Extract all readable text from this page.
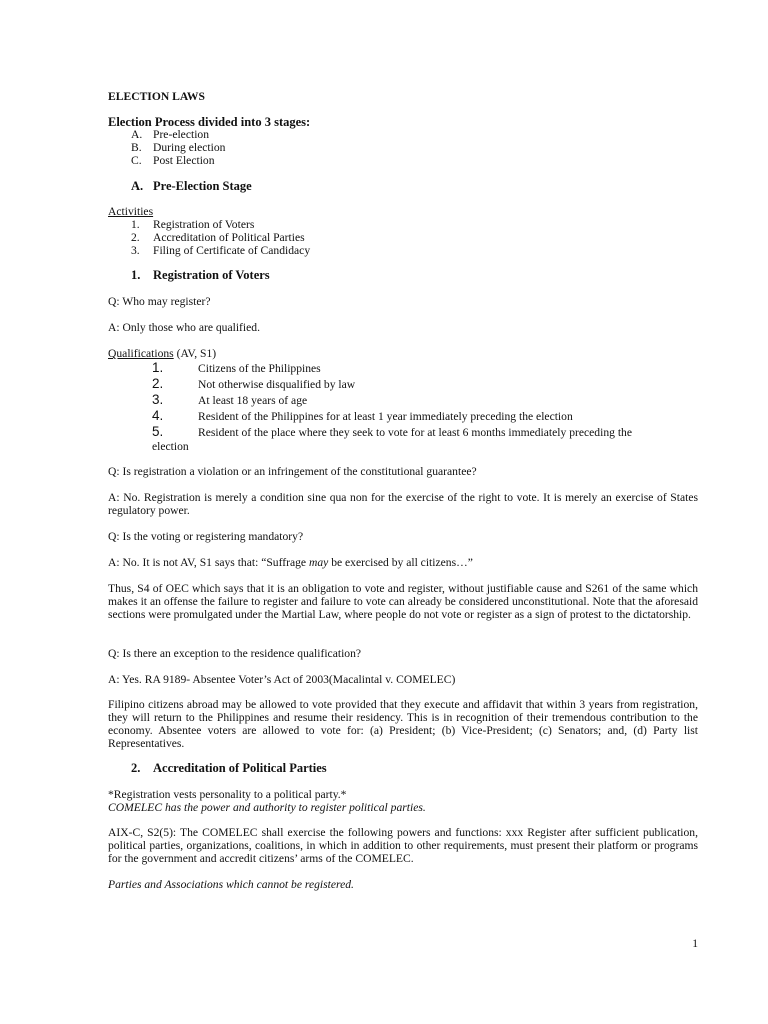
ELECTION LAWS
Election Process divided into 3 stages:
A. Pre-election
B. During election
C. Post Election
A. Pre-Election Stage
Activities
1. Registration of Voters
2. Accreditation of Political Parties
3. Filing of Certificate of Candidacy
1. Registration of Voters
Q: Who may register?
A: Only those who are qualified.
Qualifications (AV, S1)
1.	Citizens of the Philippines
2.	Not otherwise disqualified by law
3.	At least 18 years of age
4.	Resident of the Philippines for at least 1 year immediately preceding the election
5.	Resident of the place where they seek to vote for at least 6 months immediately preceding the
election
Q: Is registration a violation or an infringement of the constitutional guarantee?
A: No. Registration is merely a condition sine qua non for the exercise of the right to vote. It is merely an exercise of States regulatory power.
Q: Is the voting or registering mandatory?
A: No. It is not AV, S1 says that: “Suffrage may be exercised by all citizens…”
Thus, S4 of OEC which says that it is an obligation to vote and register, without justifiable cause and S261 of the same which makes it an offense the failure to register and failure to vote can already be considered unconstitutional. Note that the aforesaid sections were promulgated under the Martial Law, where people do not vote or register as a sign of protest to the dictatorship.
Q: Is there an exception to the residence qualification?
A: Yes. RA 9189- Absentee Voter’s Act of 2003(Macalintal v. COMELEC)
Filipino citizens abroad may be allowed to vote provided that they execute and affidavit that within 3 years from registration, they will return to the Philippines and resume their residency. This is in recognition of their tremendous contribution to the economy. Absentee voters are allowed to vote for: (a) President; (b) Vice-President; (c) Senators; and, (d) Party list Representatives.
2. Accreditation of Political Parties
*Registration vests personality to a political party.*
COMELEC has the power and authority to register political parties.
AIX-C, S2(5): The COMELEC shall exercise the following powers and functions: xxx Register after sufficient publication, political parties, organizations, coalitions, in which in addition to other requirements, must present their platform or programs for the government and accredit citizens’ arms of the COMELEC.
Parties and Associations which cannot be registered.
1
